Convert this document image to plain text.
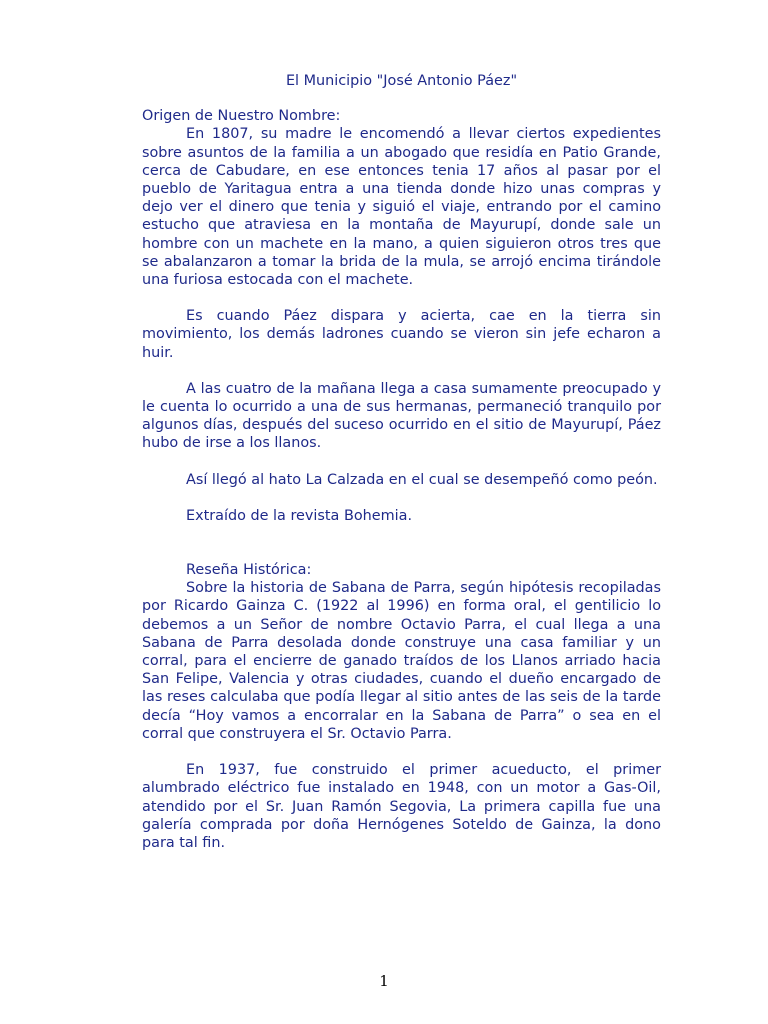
El Municipio "José Antonio Páez"

Origen de Nuestro Nombre:

En 1807, su madre le encomendó a llevar ciertos expedientes sobre asuntos de la familia a un abogado que residía en Patio Grande, cerca de Cabudare, en ese entonces tenia 17 años al pasar por el pueblo de Yaritagua entra a una tienda donde hizo unas compras y dejo ver el dinero que tenia y siguió el viaje, entrando por el camino estucho que atraviesa en la montaña de Mayurupí, donde sale un hombre con un machete en la mano, a quien siguieron otros tres que se abalanzaron a tomar la brida de la mula, se arrojó encima tirándole una furiosa estocada con el machete.

Es cuando Páez dispara y acierta, cae en la tierra sin movimiento, los demás ladrones cuando se vieron sin jefe echaron a huir.

A las cuatro de la mañana llega a casa sumamente preocupado y le cuenta lo ocurrido a una de sus hermanas, permaneció tranquilo por algunos días, después del suceso ocurrido en el sitio de Mayurupí, Páez hubo de irse a los llanos.

Así llegó al hato La Calzada en el cual se desempeñó como peón.

Extraído de la revista Bohemia.

Reseña Histórica:

Sobre la historia de Sabana de Parra, según hipótesis recopiladas por Ricardo Gainza C. (1922 al 1996) en forma oral, el gentilicio lo debemos a un Señor de nombre Octavio Parra, el cual llega a una Sabana de Parra desolada donde construye una casa familiar y un corral, para el encierre de ganado traídos de los Llanos arriado hacia San Felipe, Valencia y otras ciudades, cuando el dueño encargado de las reses calculaba que podía llegar al sitio antes de las seis de la tarde decía “Hoy vamos a encorralar en la Sabana de Parra” o sea en el corral que construyera el Sr. Octavio Parra.

En 1937, fue construido el primer acueducto, el primer alumbrado eléctrico fue instalado en 1948, con un motor a Gas-Oil, atendido por el Sr. Juan Ramón Segovia, La primera capilla fue una galería comprada por doña Hernógenes Soteldo de Gainza, la dono para tal fin.

1
